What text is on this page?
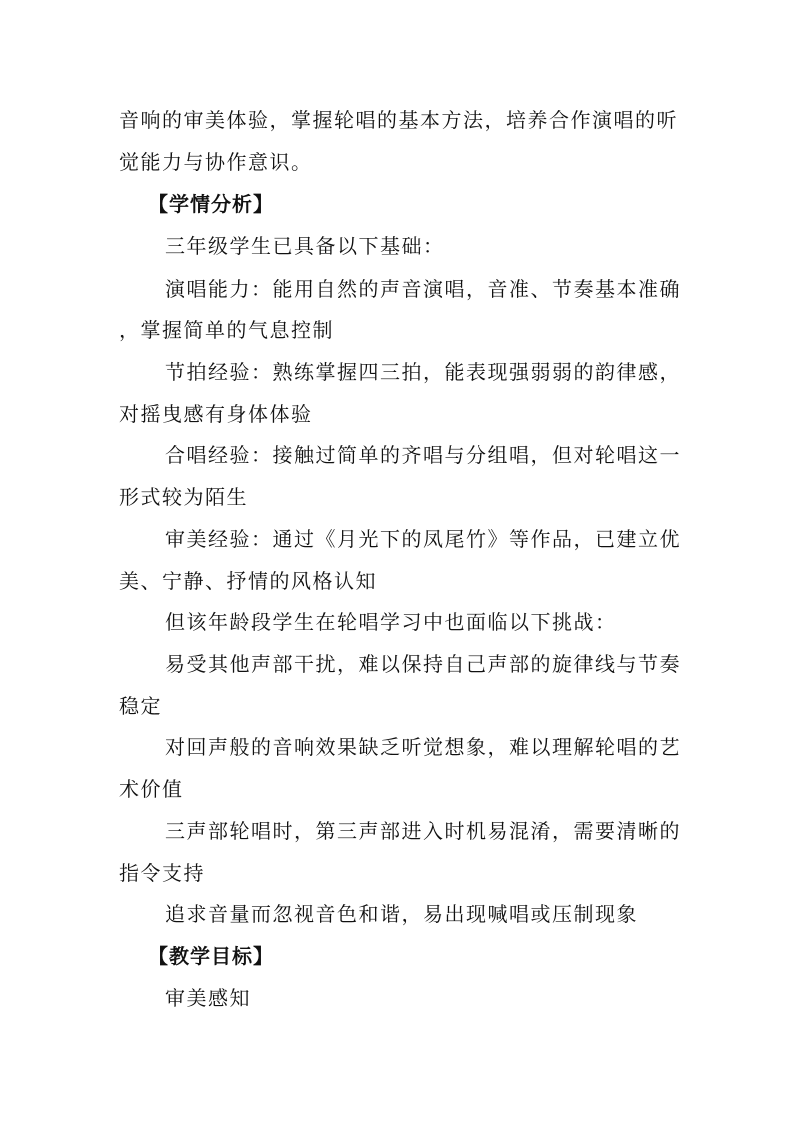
音响的审美体验，掌握轮唱的基本方法，培养合作演唱的听
觉能力与协作意识。
【学情分析】
三年级学生已具备以下基础：
演唱能力：能用自然的声音演唱，音准、节奏基本准确
，掌握简单的气息控制
节拍经验：熟练掌握四三拍，能表现强弱弱的韵律感，
对摇曳感有身体体验
合唱经验：接触过简单的齐唱与分组唱，但对轮唱这一
形式较为陌生
审美经验：通过《月光下的凤尾竹》等作品，已建立优
美、宁静、抒情的风格认知
但该年龄段学生在轮唱学习中也面临以下挑战：
易受其他声部干扰，难以保持自己声部的旋律线与节奏
稳定
对回声般的音响效果缺乏听觉想象，难以理解轮唱的艺
术价值
三声部轮唱时，第三声部进入时机易混淆，需要清晰的
指令支持
追求音量而忽视音色和谐，易出现喊唱或压制现象
【教学目标】
审美感知
